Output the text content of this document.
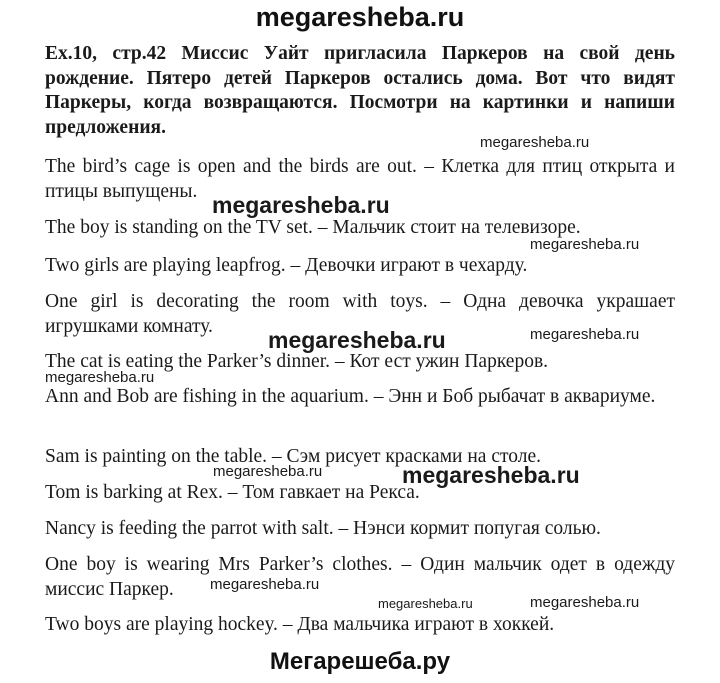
megaresheba.ru

Ex.10, стр.42 Миссис Уайт пригласила Паркеров на свой день рождение. Пятеро детей Паркеров остались дома. Вот что видят Паркеры, когда возвращаются. Посмотри на картинки и напиши предложения.

The bird’s cage is open and the birds are out. – Клетка для птиц открыта и птицы выпущены.

The boy is standing on the TV set. – Мальчик стоит на телевизоре.

Two girls are playing leapfrog. – Девочки играют в чехарду.

One girl is decorating the room with toys. – Одна девочка украшает игрушками комнату.

The cat is eating the Parker’s dinner. – Кот ест ужин Паркеров.

Ann and Bob are fishing in the aquarium. – Энн и Боб рыбачат в аквариуме.

Sam is painting on the table. – Сэм рисует красками на столе.

Tom is barking at Rex. – Том гавкает на Рекса.

Nancy is feeding the parrot with salt. – Нэнси кормит попугая солью.

One boy is wearing Mrs Parker’s clothes. – Один мальчик одет в одежду миссис Паркер.

Two boys are playing hockey. – Два мальчика играют в хоккей.

megaresheba.ru
megaresheba.ru
megaresheba.ru
megaresheba.ru	megaresheba.ru
megaresheba.ru
megaresheba.ru
megaresheba.ru
megaresheba.ru
megaresheba.ru	megaresheba.ru
Мегарешеба.ру
